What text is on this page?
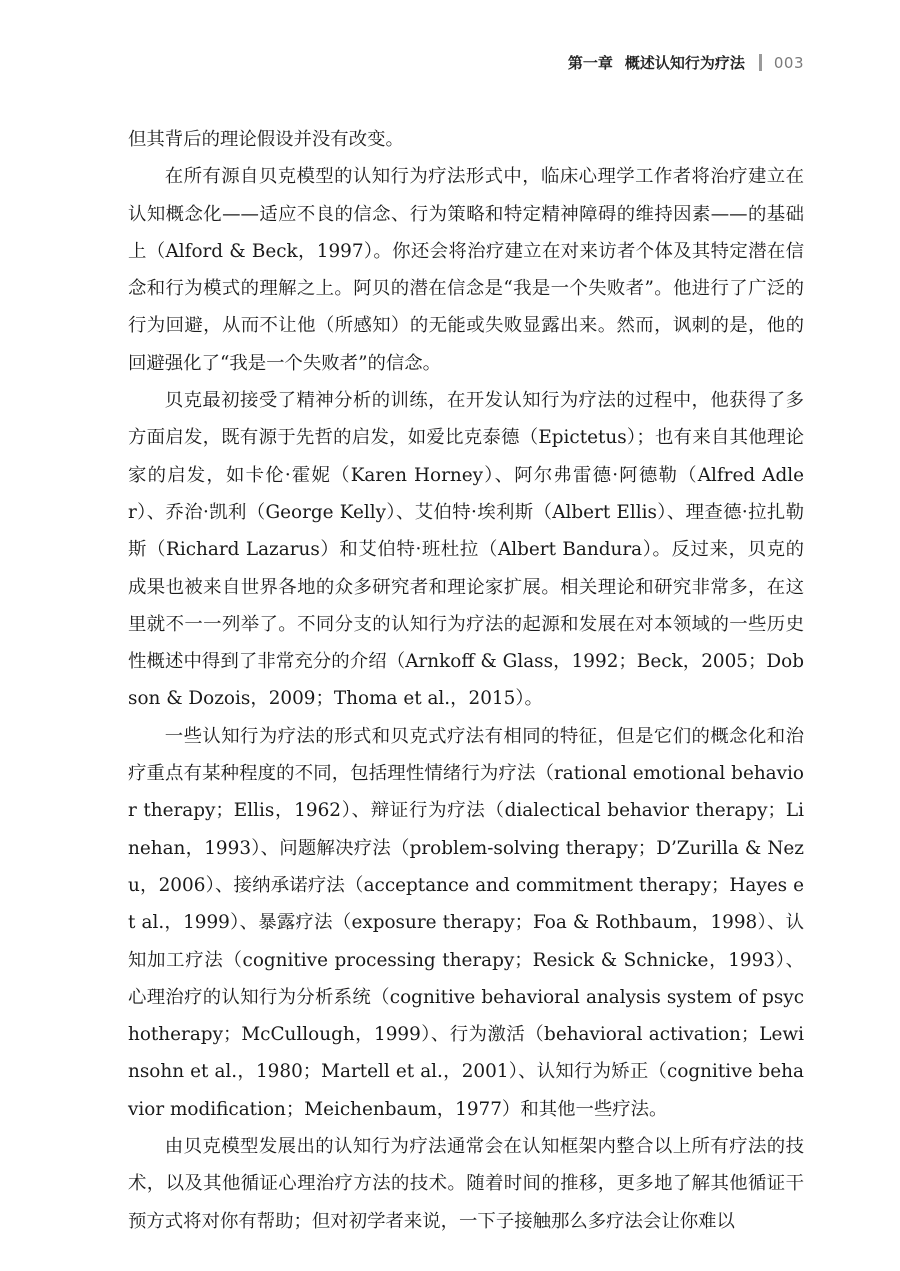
第一章 概述认知行为疗法 003

但其背后的理论假设并没有改变。

在所有源自贝克模型的认知行为疗法形式中，临床心理学工作者将治疗建立在认知概念化——适应不良的信念、行为策略和特定精神障碍的维持因素——的基础上（Alford & Beck，1997）。你还会将治疗建立在对来访者个体及其特定潜在信念和行为模式的理解之上。阿贝的潜在信念是“我是一个失败者”。他进行了广泛的行为回避，从而不让他（所感知）的无能或失败显露出来。然而，讽刺的是，他的回避强化了“我是一个失败者”的信念。

贝克最初接受了精神分析的训练，在开发认知行为疗法的过程中，他获得了多方面启发，既有源于先哲的启发，如爱比克泰德（Epictetus）；也有来自其他理论家的启发，如卡伦·霍妮（Karen Horney）、阿尔弗雷德·阿德勒（Alfred Adler）、乔治·凯利（George Kelly）、艾伯特·埃利斯（Albert Ellis）、理查德·拉扎勒斯（Richard Lazarus）和艾伯特·班杜拉（Albert Bandura）。反过来，贝克的成果也被来自世界各地的众多研究者和理论家扩展。相关理论和研究非常多，在这里就不一一列举了。不同分支的认知行为疗法的起源和发展在对本领域的一些历史性概述中得到了非常充分的介绍（Arnkoff & Glass，1992；Beck，2005；Dobson & Dozois，2009；Thoma et al.，2015）。

一些认知行为疗法的形式和贝克式疗法有相同的特征，但是它们的概念化和治疗重点有某种程度的不同，包括理性情绪行为疗法（rational emotional behavior therapy；Ellis，1962）、辩证行为疗法（dialectical behavior therapy；Linehan，1993）、问题解决疗法（problem-solving therapy；D’Zurilla & Nezu，2006）、接纳承诺疗法（acceptance and commitment therapy；Hayes et al.，1999）、暴露疗法（exposure therapy；Foa & Rothbaum，1998）、认知加工疗法（cognitive processing therapy；Resick & Schnicke，1993）、心理治疗的认知行为分析系统（cognitive behavioral analysis system of psychotherapy；McCullough，1999）、行为激活（behavioral activation；Lewinsohn et al.，1980；Martell et al.，2001）、认知行为矫正（cognitive behavior modification；Meichenbaum，1977）和其他一些疗法。

由贝克模型发展出的认知行为疗法通常会在认知框架内整合以上所有疗法的技术，以及其他循证心理治疗方法的技术。随着时间的推移，更多地了解其他循证干预方式将对你有帮助；但对初学者来说，一下子接触那么多疗法会让你难以
